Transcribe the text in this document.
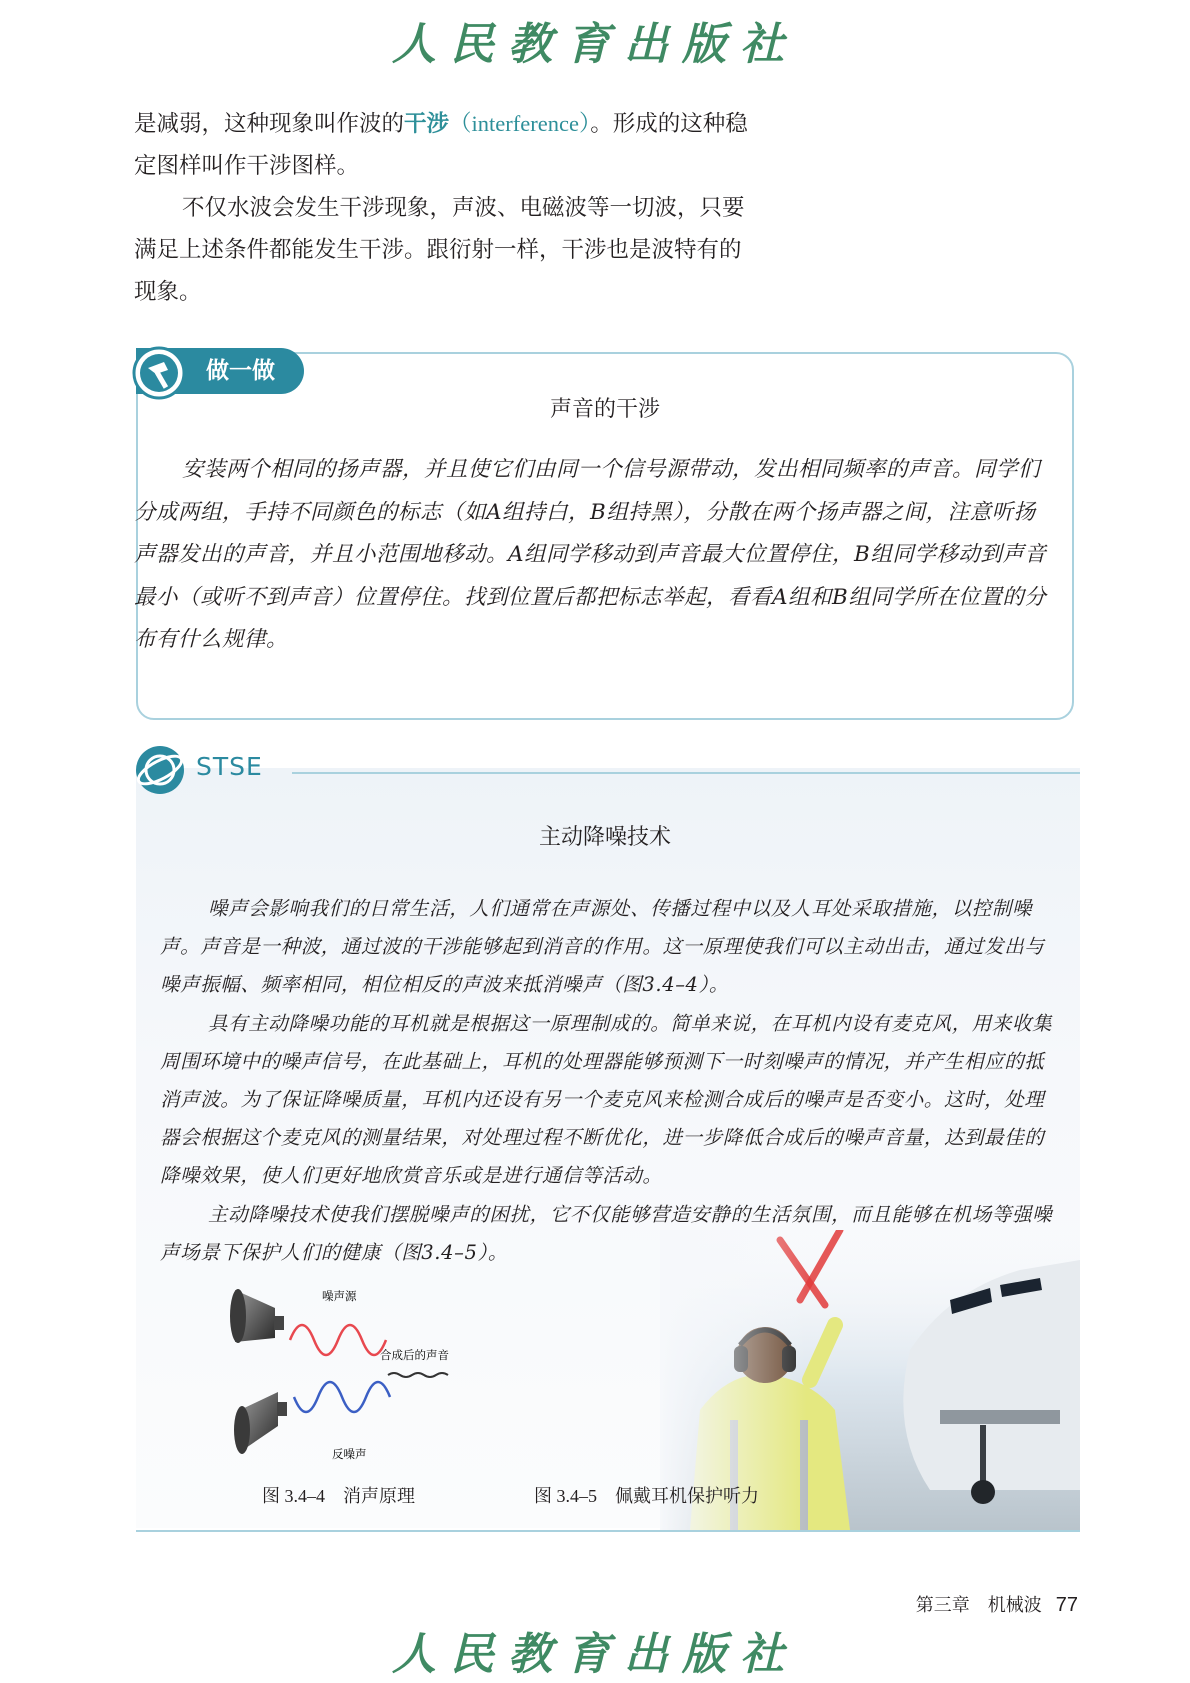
人民教育出版社

是减弱，这种现象叫作波的干涉（interference）。形成的这种稳定图样叫作干涉图样。

不仅水波会发生干涉现象，声波、电磁波等一切波，只要满足上述条件都能发生干涉。跟衍射一样，干涉也是波特有的现象。

做一做
声音的干涉

安装两个相同的扬声器，并且使它们由同一个信号源带动，发出相同频率的声音。同学们分成两组，手持不同颜色的标志（如A组持白，B组持黑），分散在两个扬声器之间，注意听扬声器发出的声音，并且小范围地移动。A组同学移动到声音最大位置停住，B组同学移动到声音最小（或听不到声音）位置停住。找到位置后都把标志举起，看看A组和B组同学所在位置的分布有什么规律。

STSE
主动降噪技术

噪声会影响我们的日常生活，人们通常在声源处、传播过程中以及人耳处采取措施，以控制噪声。声音是一种波，通过波的干涉能够起到消音的作用。这一原理使我们可以主动出击，通过发出与噪声振幅、频率相同，相位相反的声波来抵消噪声（图3.4–4）。

具有主动降噪功能的耳机就是根据这一原理制成的。简单来说，在耳机内设有麦克风，用来收集周围环境中的噪声信号，在此基础上，耳机的处理器能够预测下一时刻噪声的情况，并产生相应的抵消声波。为了保证降噪质量，耳机内还设有另一个麦克风来检测合成后的噪声是否变小。这时，处理器会根据这个麦克风的测量结果，对处理过程不断优化，进一步降低合成后的噪声音量，达到最佳的降噪效果，使人们更好地欣赏音乐或是进行通信等活动。

主动降噪技术使我们摆脱噪声的困扰，它不仅能够营造安静的生活氛围，而且能够在机场等强噪声场景下保护人们的健康（图3.4–5）。

噪声源
合成后的声音
反噪声
图 3.4–4　消声原理	图 3.4–5　佩戴耳机保护听力
第三章　机械波 77
人民教育出版社
